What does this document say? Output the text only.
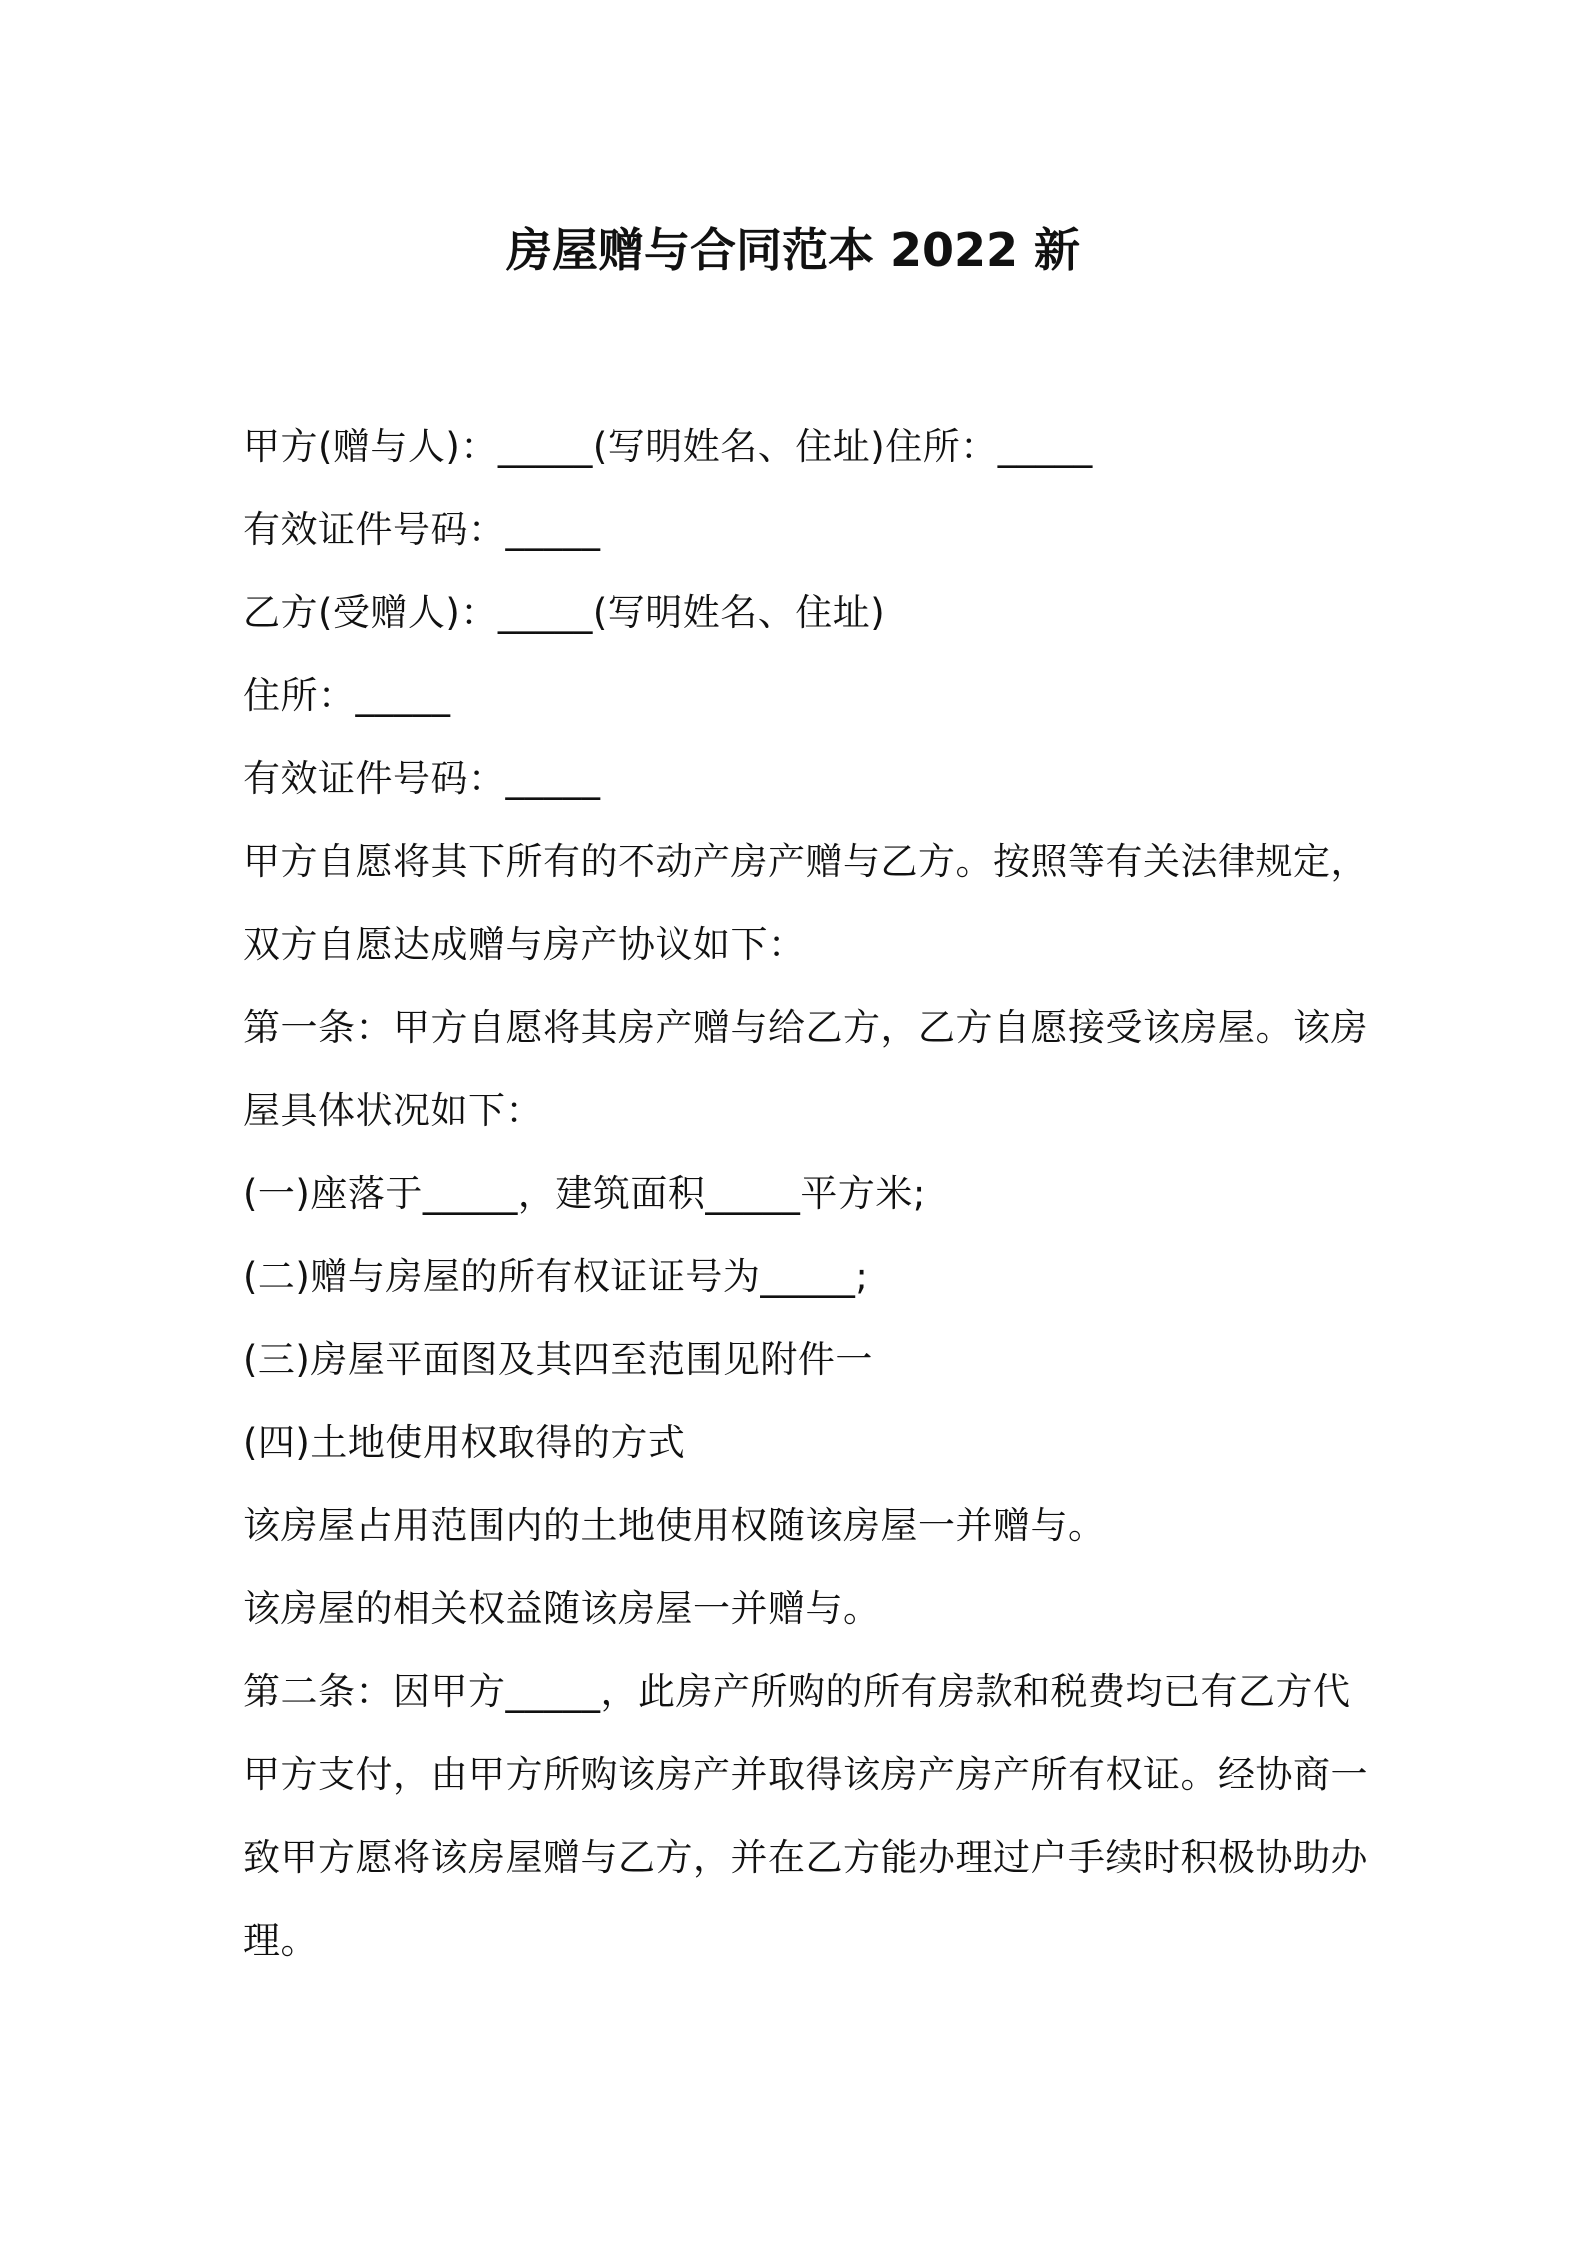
房屋赠与合同范本 2022 新
甲方(赠与人)：_____(写明姓名、住址)住所：_____
有效证件号码：_____
乙方(受赠人)：_____(写明姓名、住址)
住所：_____
有效证件号码：_____
甲方自愿将其下所有的不动产房产赠与乙方。按照等有关法律规定，
双方自愿达成赠与房产协议如下：
第一条：甲方自愿将其房产赠与给乙方，乙方自愿接受该房屋。该房
屋具体状况如下：
(一)座落于_____，建筑面积_____平方米;
(二)赠与房屋的所有权证证号为_____;
(三)房屋平面图及其四至范围见附件一
(四)土地使用权取得的方式
该房屋占用范围内的土地使用权随该房屋一并赠与。
该房屋的相关权益随该房屋一并赠与。
第二条：因甲方_____，此房产所购的所有房款和税费均已有乙方代
甲方支付，由甲方所购该房产并取得该房产房产所有权证。经协商一
致甲方愿将该房屋赠与乙方，并在乙方能办理过户手续时积极协助办
理。
